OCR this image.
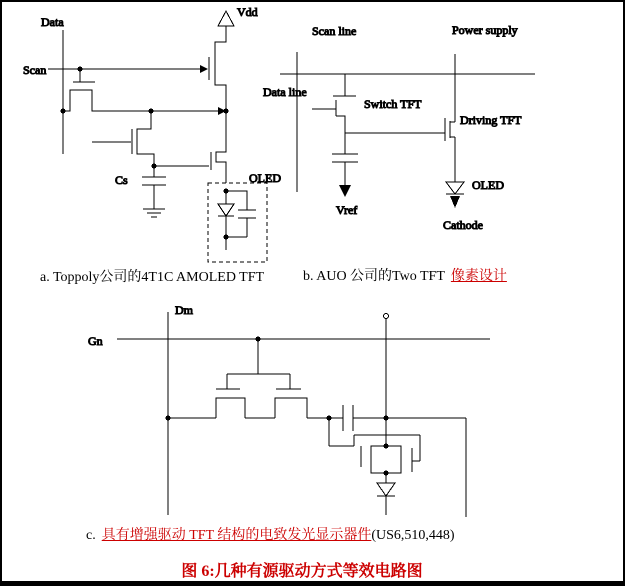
Data
Scan
Vdd
Cs	OLED
Scan line	Power supply
Data line
Switch TFT
Driving TFT
Vref
OLED
Cathode
Dm
Gn
a. Toppoly公司的4T1C AMOLED TFT	b. AUO 公司的Two TFT 像素设计
c. 具有增强驱动 TFT 结构的电致发光显示器件(US6,510,448)
图 6:几种有源驱动方式等效电路图
